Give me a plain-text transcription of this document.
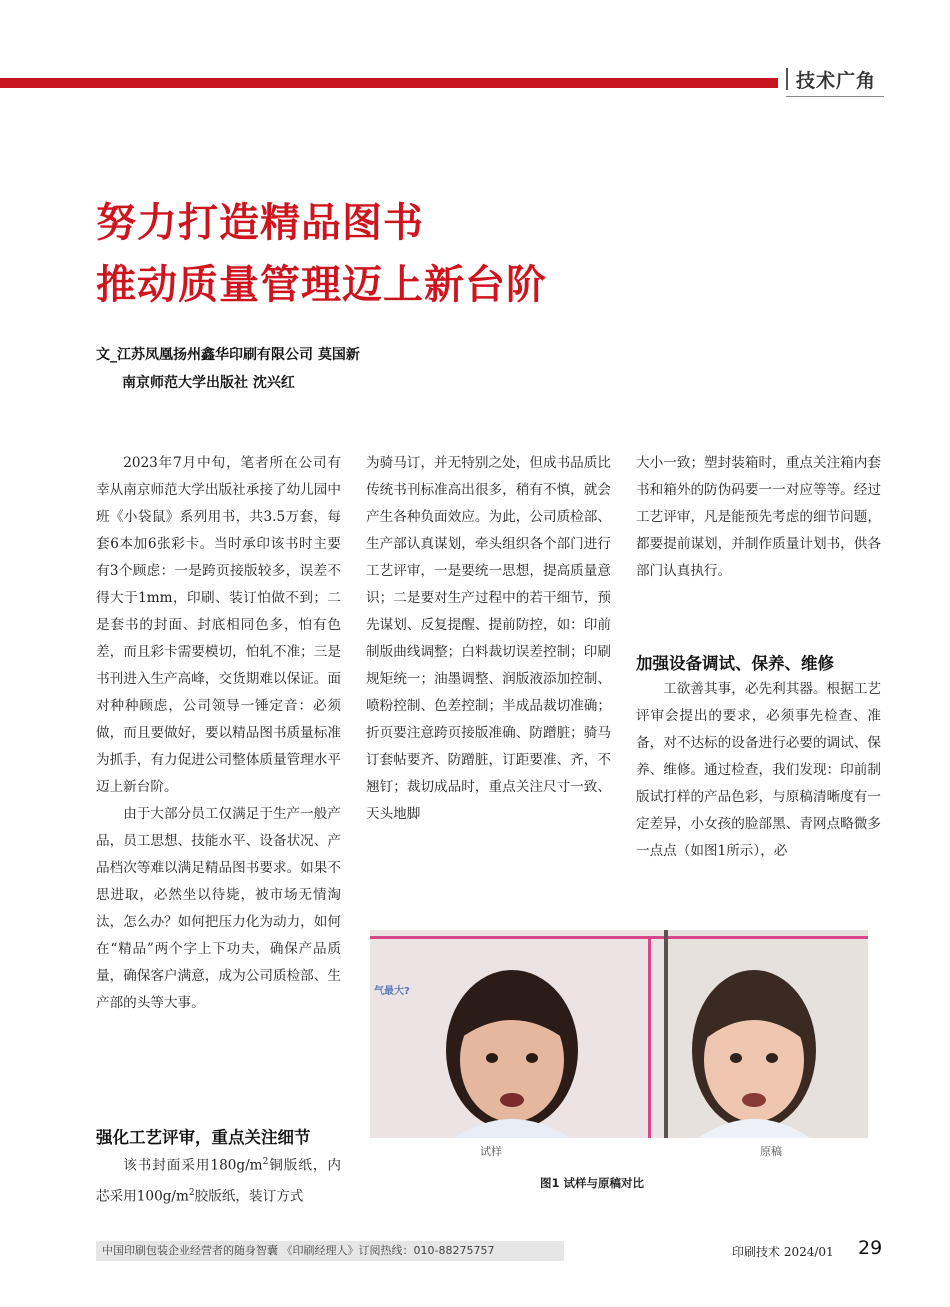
技术广角
努力打造精品图书
推动质量管理迈上新台阶
文_江苏凤凰扬州鑫华印刷有限公司 莫国新
南京师范大学出版社 沈兴红

2023年7月中旬，笔者所在公司有幸从南京师范大学出版社承接了幼儿园中班《小袋鼠》系列用书，共3.5万套，每套6本加6张彩卡。当时承印该书时主要有3个顾虑：一是跨页接版较多，误差不得大于1mm，印刷、装订怕做不到；二是套书的封面、封底相同色多，怕有色差，而且彩卡需要模切，怕轧不准；三是书刊进入生产高峰，交货期难以保证。面对种种顾虑，公司领导一锤定音：必须做，而且要做好，要以精品图书质量标准为抓手，有力促进公司整体质量管理水平迈上新台阶。

由于大部分员工仅满足于生产一般产品，员工思想、技能水平、设备状况、产品档次等难以满足精品图书要求。如果不思进取，必然坐以待毙，被市场无情淘汰，怎么办？如何把压力化为动力，如何在“精品”两个字上下功夫，确保产品质量，确保客户满意，成为公司质检部、生产部的头等大事。

强化工艺评审，重点关注细节

该书封面采用$180g/m^2$铜版纸，内芯采用$100g/m^2$胶版纸，装订方式

为骑马订，并无特别之处，但成书品质比传统书刊标准高出很多，稍有不慎，就会产生各种负面效应。为此，公司质检部、生产部认真谋划，牵头组织各个部门进行工艺评审，一是要统一思想，提高质量意识；二是要对生产过程中的若干细节，预先谋划、反复提醒、提前防控，如：印前制版曲线调整；白料裁切误差控制；印刷规矩统一；油墨调整、润版液添加控制、喷粉控制、色差控制；半成品裁切准确；折页要注意跨页接版准确、防蹭脏；骑马订套帖要齐、防蹭脏，订距要准、齐，不翘钉；裁切成品时，重点关注尺寸一致、天头地脚

大小一致；塑封装箱时，重点关注箱内套书和箱外的防伪码要一一对应等等。经过工艺评审，凡是能预先考虑的细节问题，都要提前谋划，并制作质量计划书，供各部门认真执行。

加强设备调试、保养、维修

工欲善其事，必先利其器。根据工艺评审会提出的要求，必须事先检查、准备，对不达标的设备进行必要的调试、保养、维修。通过检查，我们发现：印前制版试打样的产品色彩，与原稿清晰度有一定差异，小女孩的脸部黑、青网点略微多一点点（如图1所示），必

气最大?
试样	原稿
图1 试样与原稿对比
中国印刷包装企业经营者的随身智囊 《印刷经理人》订阅热线：010-88275757	印刷技术 2024/01 29
